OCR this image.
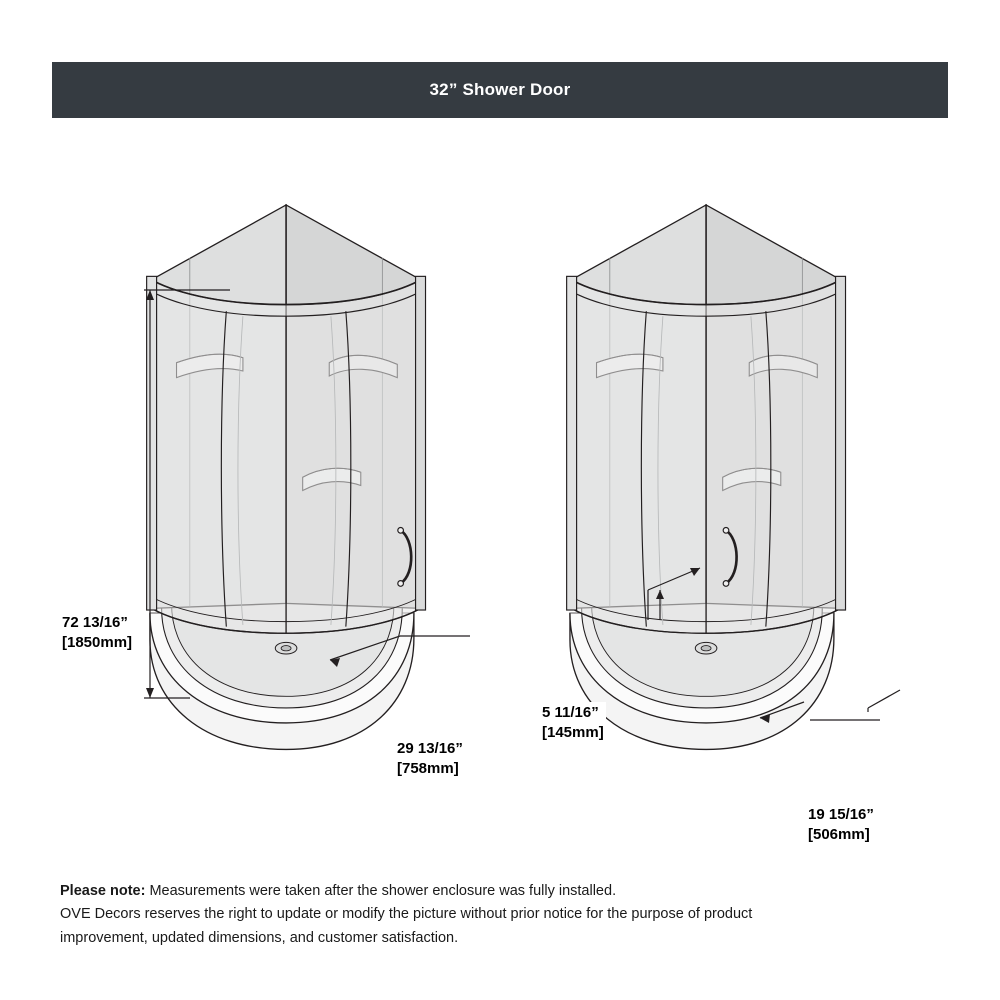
32” Shower Door
72 13/16”
[1850mm]
29 13/16”
[758mm]
5 11/16”
[145mm]
19 15/16”
[506mm]
Please note: Measurements were taken after the shower enclosure was fully installed.
OVE Decors reserves the right to update or modify the picture without prior notice for the purpose of product
improvement, updated dimensions, and customer satisfaction.
